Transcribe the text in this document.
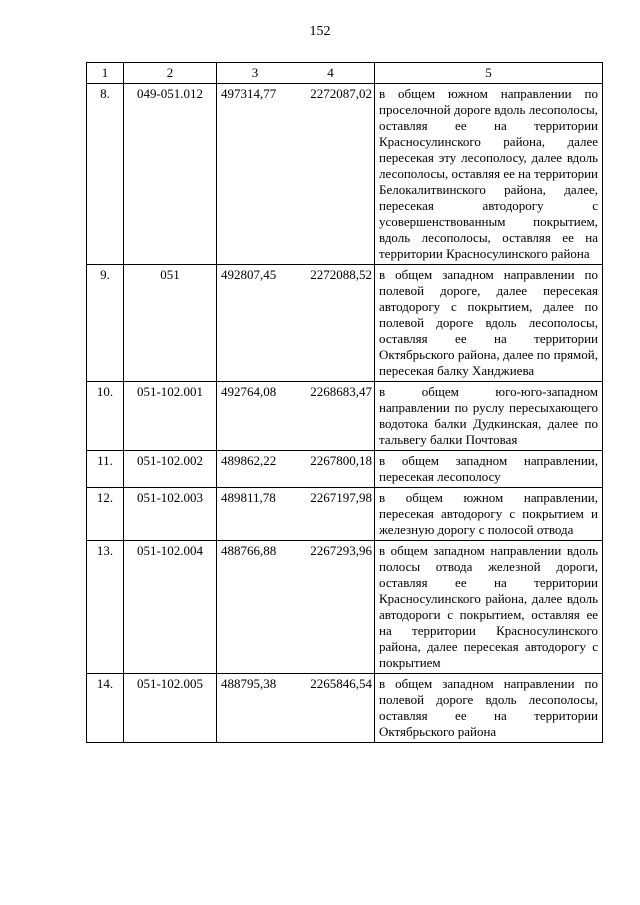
152
1	2	3 4	5
8.	049-051.012	497314,77 2272087,02	в общем южном направлении по проселочной дороге вдоль лесополосы, оставляя ее на территории Красносулинского района, далее пересекая эту лесополосу, далее вдоль лесополосы, оставляя ее на территории Белокалитвинского района, далее, пересекая автодорогу с усовершенствованным покрытием, вдоль лесополосы, оставляя ее на территории Красносулинского района
9.	051	492807,45 2272088,52	в общем западном направлении по полевой дороге, далее пересекая автодорогу с покрытием, далее по полевой дороге вдоль лесополосы, оставляя ее на территории Октябрьского района, далее по прямой, пересекая балку Ханджиева
10.	051-102.001	492764,08 2268683,47	в общем юго-юго-западном направлении по руслу пересыхающего водотока балки Дудкинская, далее по тальвегу балки Почтовая
11.	051-102.002	489862,22 2267800,18	в общем западном направлении, пересекая лесополосу
12.	051-102.003	489811,78 2267197,98	в общем южном направлении, пересекая автодорогу с покрытием и железную дорогу с полосой отвода
13.	051-102.004	488766,88 2267293,96	в общем западном направлении вдоль полосы отвода железной дороги, оставляя ее на территории Красносулинского района, далее вдоль автодороги с покрытием, оставляя ее на территории Красносулинского района, далее пересекая автодорогу с покрытием
14.	051-102.005	488795,38 2265846,54	в общем западном направлении по полевой дороге вдоль лесополосы, оставляя ее на территории Октябрьского района
